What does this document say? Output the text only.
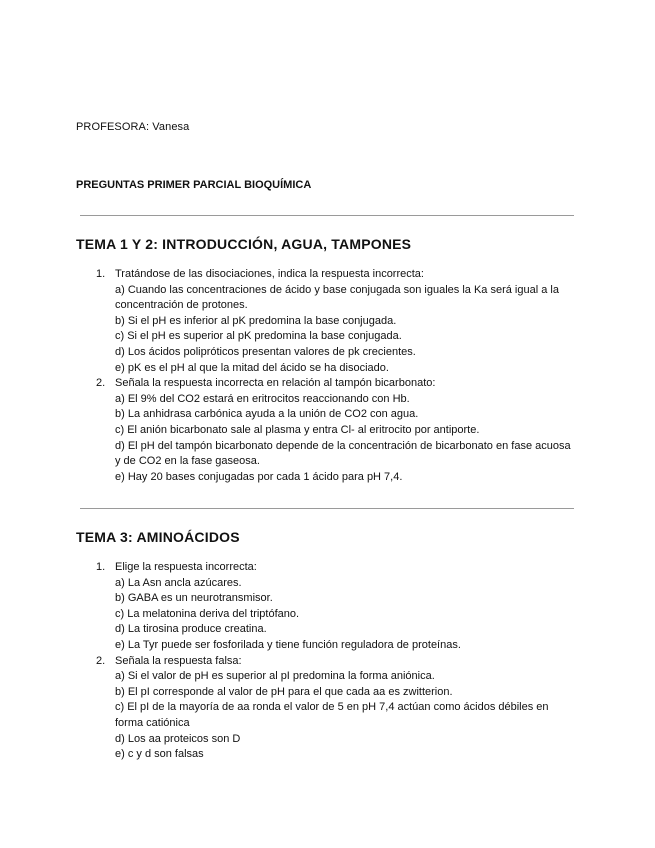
PROFESORA: Vanesa
PREGUNTAS PRIMER PARCIAL BIOQUÍMICA
TEMA 1 Y 2: INTRODUCCIÓN, AGUA, TAMPONES
1. Tratándose de las disociaciones, indica la respuesta incorrecta:
a) Cuando las concentraciones de ácido y base conjugada son iguales la Ka será igual a la concentración de protones.
b) Si el pH es inferior al pK predomina la base conjugada.
c) Si el pH es superior al pK predomina la base conjugada.
d) Los ácidos polipróticos presentan valores de pk crecientes.
e) pK es el pH al que la mitad del ácido se ha disociado.
2. Señala la respuesta incorrecta en relación al tampón bicarbonato:
a) El 9% del CO2 estará en eritrocitos reaccionando con Hb.
b) La anhidrasa carbónica ayuda a la unión de CO2 con agua.
c) El anión bicarbonato sale al plasma y entra Cl- al eritrocito por antiporte.
d) El pH del tampón bicarbonato depende de la concentración de bicarbonato en fase acuosa y de CO2 en la fase gaseosa.
e) Hay 20 bases conjugadas por cada 1 ácido para pH 7,4.
TEMA 3: AMINOÁCIDOS
1. Elige la respuesta incorrecta:
a) La Asn ancla azúcares.
b) GABA es un neurotransmisor.
c) La melatonina deriva del triptófano.
d) La tirosina produce creatina.
e) La Tyr puede ser fosforilada y tiene función reguladora de proteínas.
2. Señala la respuesta falsa:
a) Si el valor de pH es superior al pI predomina la forma aniónica.
b) El pI corresponde al valor de pH para el que cada aa es zwitterion.
c) El pI de la mayoría de aa ronda el valor de 5 en pH 7,4 actúan como ácidos débiles en forma catiónica
d) Los aa proteicos son D
e) c y d son falsas
